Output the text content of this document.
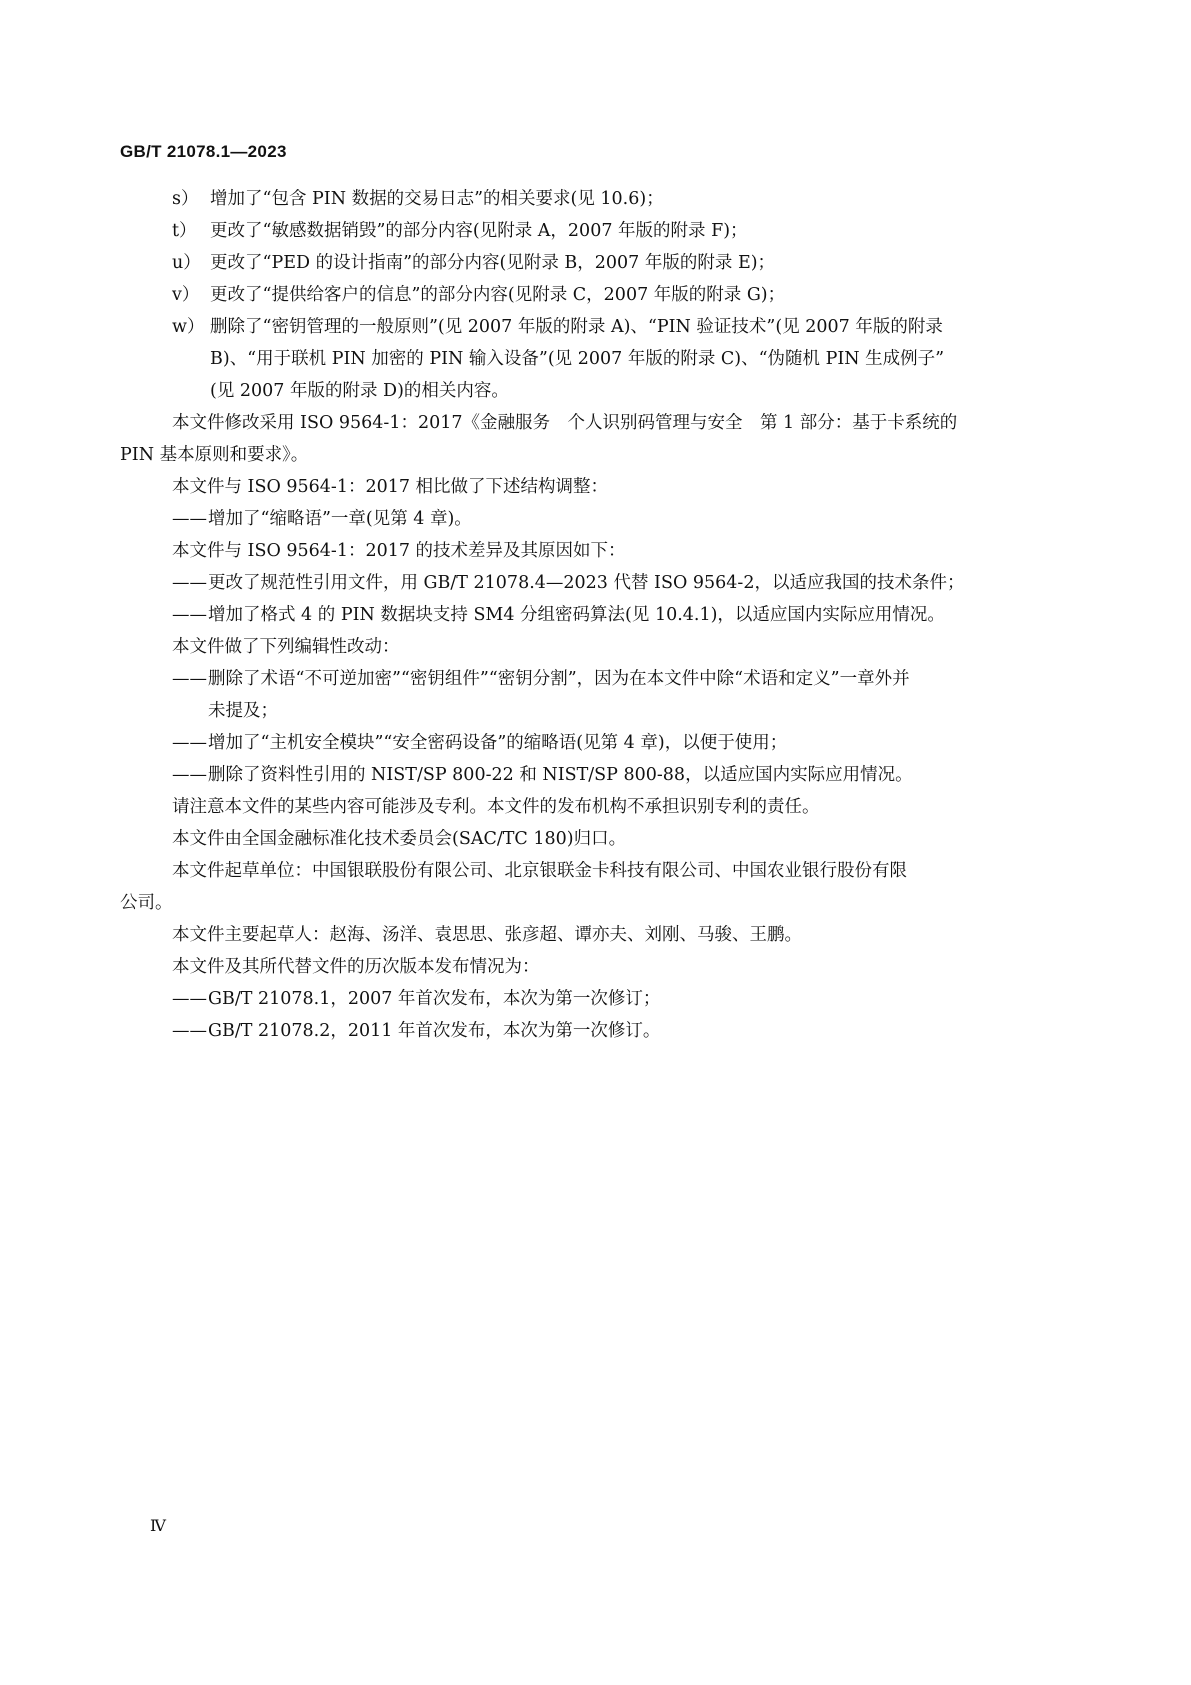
GB/T 21078.1—2023
s） 增加了“包含 PIN 数据的交易日志”的相关要求(见 10.6)；
t） 更改了“敏感数据销毁”的部分内容(见附录 A，2007 年版的附录 F)；
u） 更改了“PED 的设计指南”的部分内容(见附录 B，2007 年版的附录 E)；
v） 更改了“提供给客户的信息”的部分内容(见附录 C，2007 年版的附录 G)；
w） 删除了“密钥管理的一般原则”(见 2007 年版的附录 A)、“PIN 验证技术”(见 2007 年版的附录
B)、“用于联机 PIN 加密的 PIN 输入设备”(见 2007 年版的附录 C)、“伪随机 PIN 生成例子”
(见 2007 年版的附录 D)的相关内容。
本文件修改采用 ISO 9564-1：2017《金融服务　个人识别码管理与安全　第 1 部分：基于卡系统的
PIN 基本原则和要求》。
本文件与 ISO 9564-1：2017 相比做了下述结构调整：
——增加了“缩略语”一章(见第 4 章)。
本文件与 ISO 9564-1：2017 的技术差异及其原因如下：
——更改了规范性引用文件，用 GB/T 21078.4—2023 代替 ISO 9564-2，以适应我国的技术条件；
——增加了格式 4 的 PIN 数据块支持 SM4 分组密码算法(见 10.4.1)，以适应国内实际应用情况。
本文件做了下列编辑性改动：
——删除了术语“不可逆加密”“密钥组件”“密钥分割”，因为在本文件中除“术语和定义”一章外并
未提及；
——增加了“主机安全模块”“安全密码设备”的缩略语(见第 4 章)，以便于使用；
——删除了资料性引用的 NIST/SP 800-22 和 NIST/SP 800-88，以适应国内实际应用情况。
请注意本文件的某些内容可能涉及专利。本文件的发布机构不承担识别专利的责任。
本文件由全国金融标准化技术委员会(SAC/TC 180)归口。
本文件起草单位：中国银联股份有限公司、北京银联金卡科技有限公司、中国农业银行股份有限
公司。
本文件主要起草人：赵海、汤洋、袁思思、张彦超、谭亦夫、刘刚、马骏、王鹏。
本文件及其所代替文件的历次版本发布情况为：
——GB/T 21078.1，2007 年首次发布，本次为第一次修订；
——GB/T 21078.2，2011 年首次发布，本次为第一次修订。
Ⅳ
